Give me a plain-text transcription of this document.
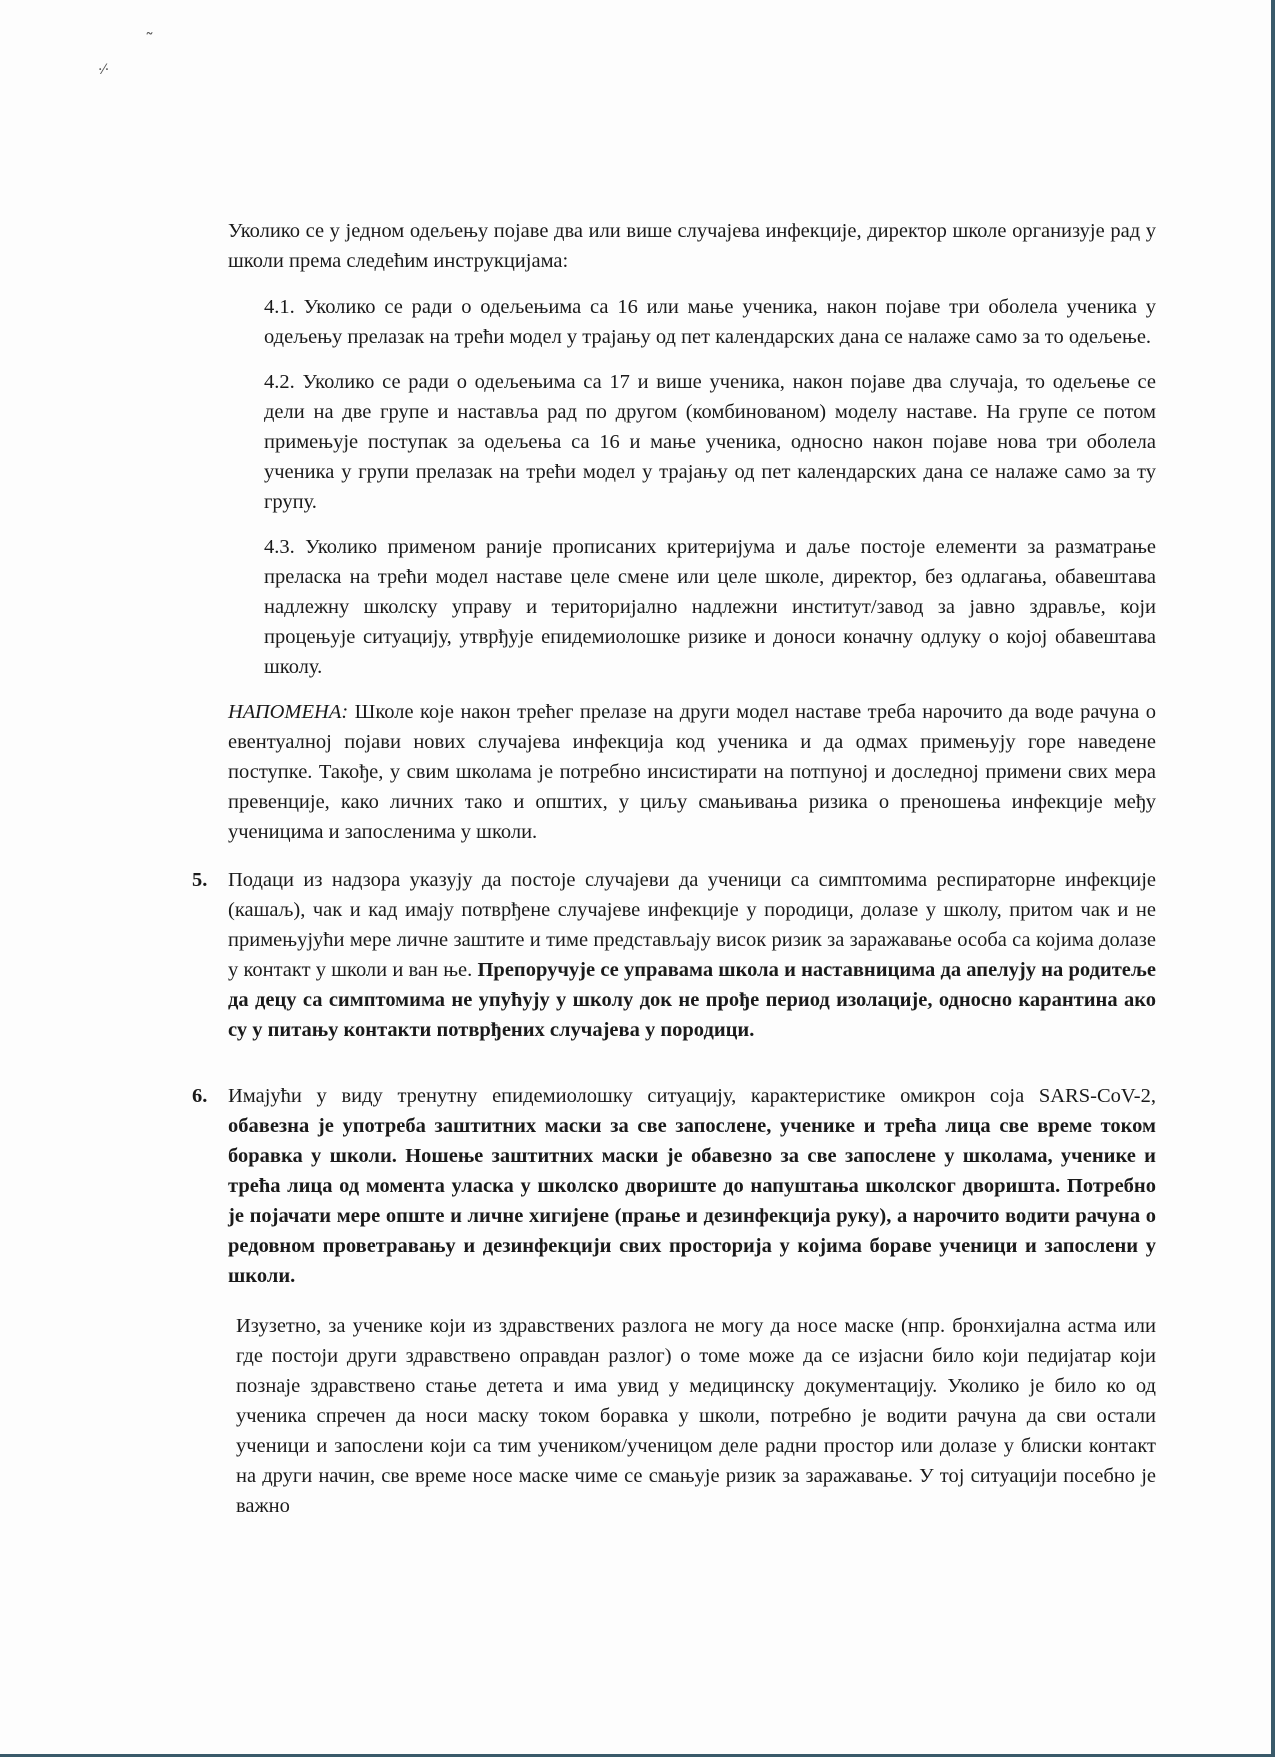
˜
·⁄·

Уколико се у једном одељењу појаве два или више случајева инфекције, директор школе организује рад у школи према следећим инструкцијама:

4.1. Уколико се ради о одељењима са 16 или мање ученика, након појаве три оболела ученика у одељењу прелазак на трећи модел у трајању од пет календарских дана се налаже само за то одељење.

4.2. Уколико се ради о одељењима са 17 и више ученика, након појаве два случаја, то одељење се дели на две групе и наставља рад по другом (комбинованом) моделу наставе. На групе се потом примењује поступак за одељења са 16 и мање ученика, односно након појаве нова три оболела ученика у групи прелазак на трећи модел у трајању од пет календарских дана се налаже само за ту групу.

4.3. Уколико применом раније прописаних критеријума и даље постоје елементи за разматрање преласка на трећи модел наставе целе смене или целе школе, директор, без одлагања, обавештава надлежну школску управу и територијално надлежни институт/завод за јавно здравље, који процењује ситуацију, утврђује епидемиолошке ризике и доноси коначну одлуку о којој обавештава школу.

НАПОМЕНА: Школе које након трећег прелазе на други модел наставе треба нарочито да воде рачуна о евентуалној појави нових случајева инфекција код ученика и да одмах примењују горе наведене поступке. Такође, у свим школама је потребно инсистирати на потпуној и доследној примени свих мера превенције, како личних тако и општих, у циљу смањивања ризика о преношења инфекције међу ученицима и запосленима у школи.

5. Подаци из надзора указују да постоје случајеви да ученици са симптомима респираторне инфекције (кашаљ), чак и кад имају потврђене случајеве инфекције у породици, долазе у школу, притом чак и не примењујући мере личне заштите и тиме представљају висок ризик за заражавање особа са којима долазе у контакт у школи и ван ње. Препоручује се управама школа и наставницима да апелују на родитеље да децу са симптомима не упућују у школу док не прође период изолације, односно карантина ако су у питању контакти потврђених случајева у породици.

6. Имајући у виду тренутну епидемиолошку ситуацију, карактеристике омикрон соја SARS-CoV-2, обавезна је употреба заштитних маски за све запослене, ученике и трећа лица све време током боравка у школи. Ношење заштитних маски је обавезно за све запослене у школама, ученике и трећа лица од момента уласка у школско двориште до напуштања школског дворишта. Потребно је појачати мере опште и личне хигијене (прање и дезинфекција руку), а нарочито водити рачуна о редовном проветравању и дезинфекцији свих просторија у којима бораве ученици и запослени у школи.

Изузетно, за ученике који из здравствених разлога не могу да носе маске (нпр. бронхијална астма или где постоји други здравствено оправдан разлог) о томе може да се изјасни било који педијатар који познаје здравствено стање детета и има увид у медицинску документацију. Уколико је било ко од ученика спречен да носи маску током боравка у школи, потребно је водити рачуна да сви остали ученици и запослени који са тим учеником/ученицом деле радни простор или долазе у блиски контакт на други начин, све време носе маске чиме се смањује ризик за заражавање. У тој ситуацији посебно је важно
